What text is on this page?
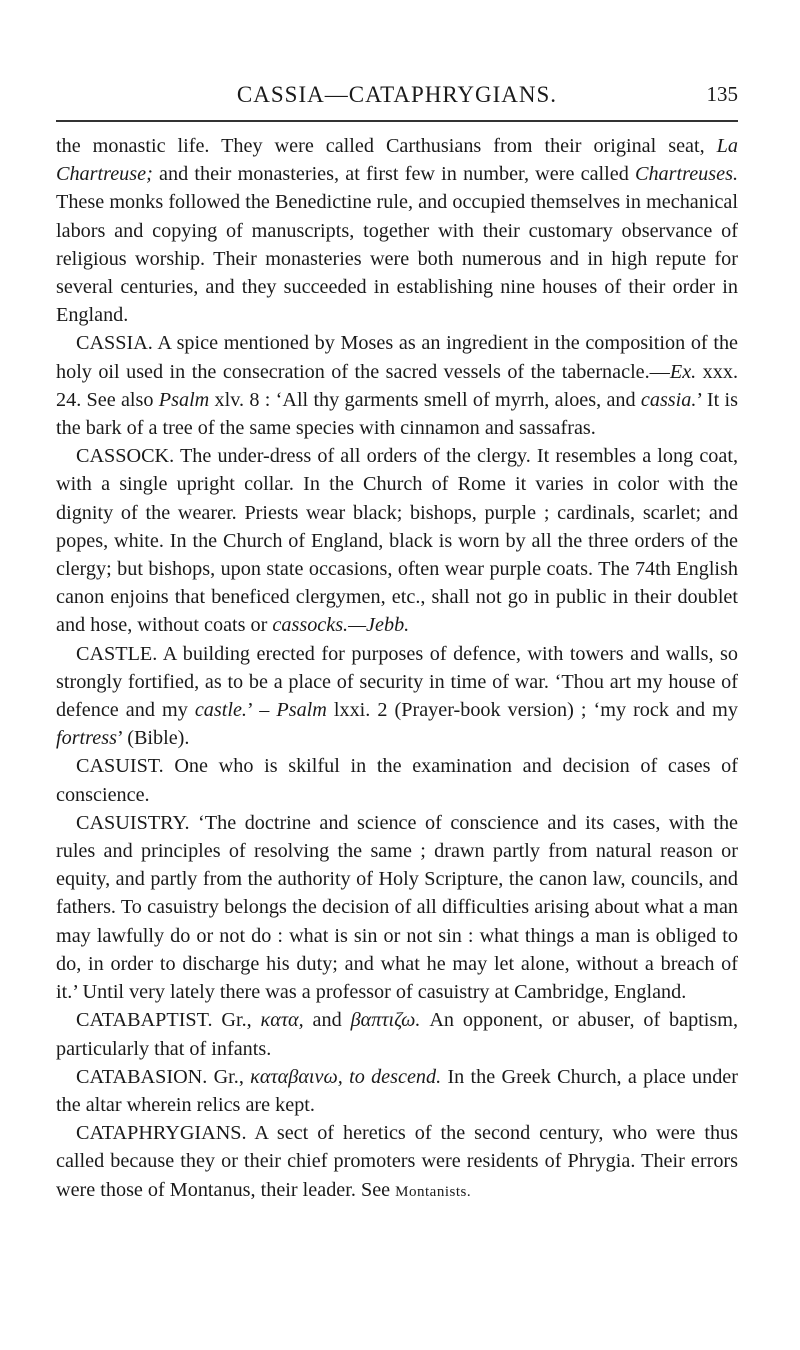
CASSIA—CATAPHRYGIANS.	135

the monastic life. They were called Carthusians from their original seat, La Chartreuse; and their monasteries, at first few in number, were called Chartreuses. These monks followed the Benedictine rule, and occupied themselves in mechanical labors and copying of manuscripts, together with their customary observance of religious worship. Their monasteries were both numerous and in high repute for several centuries, and they succeeded in establishing nine houses of their order in England.

CASSIA. A spice mentioned by Moses as an ingredient in the composition of the holy oil used in the consecration of the sacred vessels of the tabernacle.—Ex. xxx. 24. See also Psalm xlv. 8 : ‘All thy garments smell of myrrh, aloes, and cassia.’ It is the bark of a tree of the same species with cinnamon and sassafras.

CASSOCK. The under-dress of all orders of the clergy. It resembles a long coat, with a single upright collar. In the Church of Rome it varies in color with the dignity of the wearer. Priests wear black; bishops, purple ; cardinals, scarlet; and popes, white. In the Church of England, black is worn by all the three orders of the clergy; but bishops, upon state occasions, often wear purple coats. The 74th English canon enjoins that beneficed clergymen, etc., shall not go in public in their doublet and hose, without coats or cassocks.—Jebb.

CASTLE. A building erected for purposes of defence, with towers and walls, so strongly fortified, as to be a place of security in time of war. ‘Thou art my house of defence and my castle.’ – Psalm lxxi. 2 (Prayer-book version) ; ‘my rock and my fortress’ (Bible).

CASUIST. One who is skilful in the examination and decision of cases of conscience.

CASUISTRY. ‘The doctrine and science of conscience and its cases, with the rules and principles of resolving the same ; drawn partly from natural reason or equity, and partly from the authority of Holy Scripture, the canon law, councils, and fathers. To casuistry belongs the decision of all difficulties arising about what a man may lawfully do or not do : what is sin or not sin : what things a man is obliged to do, in order to discharge his duty; and what he may let alone, without a breach of it.’ Until very lately there was a professor of casuistry at Cambridge, England.

CATABAPTIST. Gr., κατα, and βαπτιζω. An opponent, or abuser, of baptism, particularly that of infants.

CATABASION. Gr., καταβαινω, to descend. In the Greek Church, a place under the altar wherein relics are kept.

CATAPHRYGIANS. A sect of heretics of the second century, who were thus called because they or their chief promoters were residents of Phrygia. Their errors were those of Montanus, their leader. See Montanists.
